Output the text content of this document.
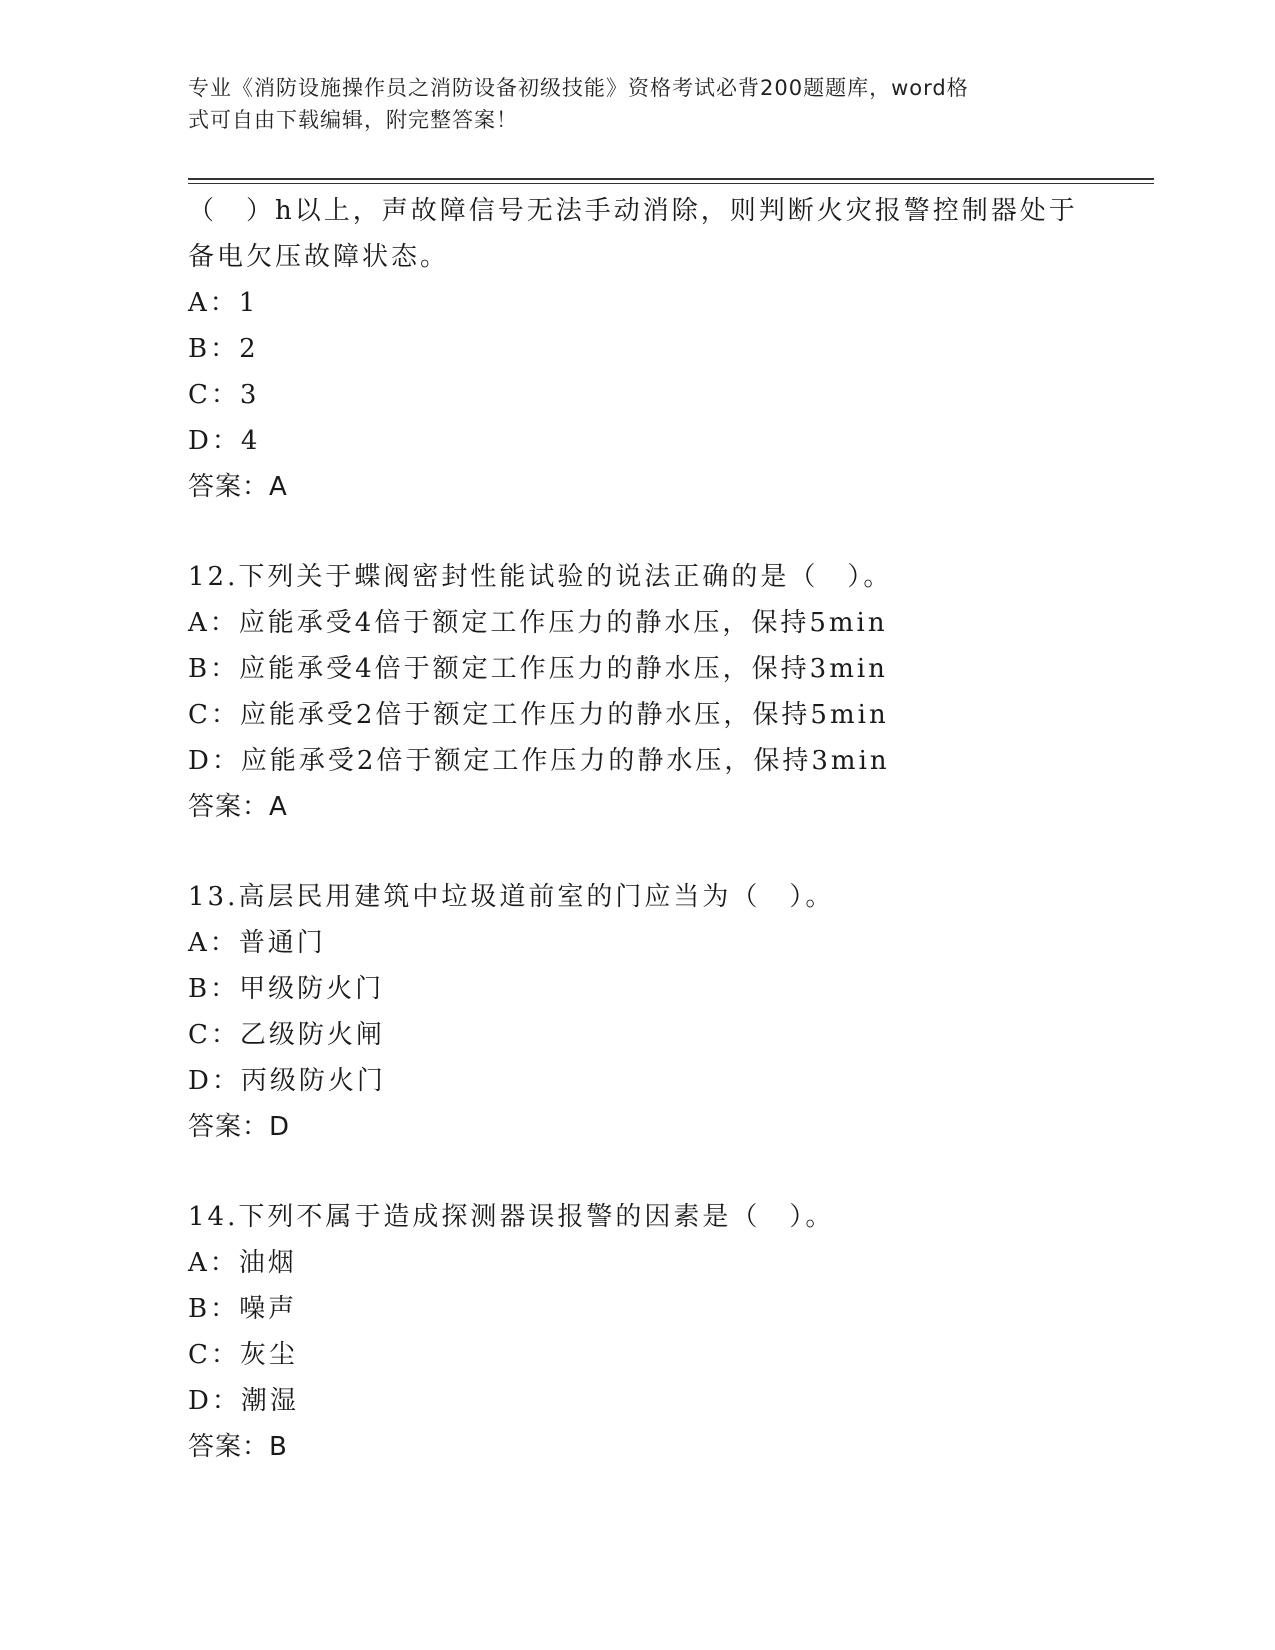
专业《消防设施操作员之消防设备初级技能》资格考试必背200题题库，word格
式可自由下载编辑，附完整答案！

（　）h以上，声故障信号无法手动消除，则判断火灾报警控制器处于

备电欠压故障状态。

A：1

B：2

C：3

D：4

答案：A

12.下列关于蝶阀密封性能试验的说法正确的是（　）。

A：应能承受4倍于额定工作压力的静水压，保持5min

B：应能承受4倍于额定工作压力的静水压，保持3min

C：应能承受2倍于额定工作压力的静水压，保持5min

D：应能承受2倍于额定工作压力的静水压，保持3min

答案：A

13.高层民用建筑中垃圾道前室的门应当为（　）。

A：普通门

B：甲级防火门

C：乙级防火闸

D：丙级防火门

答案：D

14.下列不属于造成探测器误报警的因素是（　）。

A：油烟

B：噪声

C：灰尘

D：潮湿

答案：B
